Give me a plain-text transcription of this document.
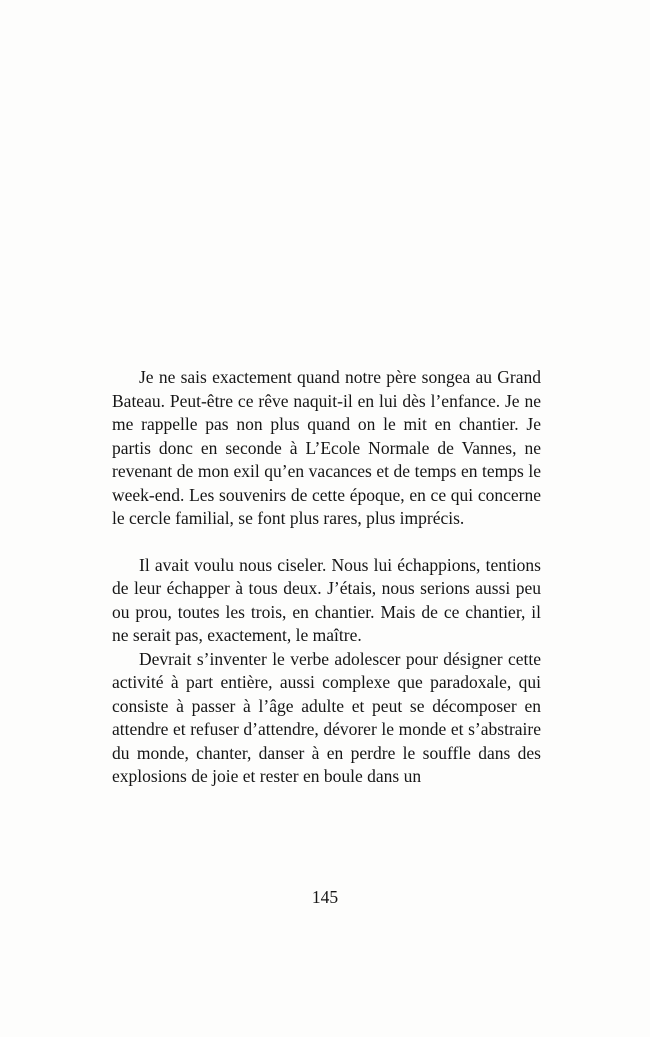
Je ne sais exactement quand notre père songea au Grand Bateau. Peut-être ce rêve naquit-il en lui dès l’enfance. Je ne me rappelle pas non plus quand on le mit en chantier. Je partis donc en seconde à L’Ecole Normale de Vannes, ne revenant de mon exil qu’en vacances et de temps en temps le week-end. Les souvenirs de cette époque, en ce qui concerne le cercle familial, se font plus rares, plus imprécis.

Il avait voulu nous ciseler. Nous lui échappions, tentions de leur échapper à tous deux. J’étais, nous serions aussi peu ou prou, toutes les trois, en chantier. Mais de ce chantier, il ne serait pas, exactement, le maître.

Devrait s’inventer le verbe adolescer pour désigner cette activité à part entière, aussi complexe que paradoxale, qui consiste à passer à l’âge adulte et peut se décomposer en attendre et refuser d’attendre, dévorer le monde et s’abstraire du monde, chanter, danser à en perdre le souffle dans des explosions de joie et rester en boule dans un

145
